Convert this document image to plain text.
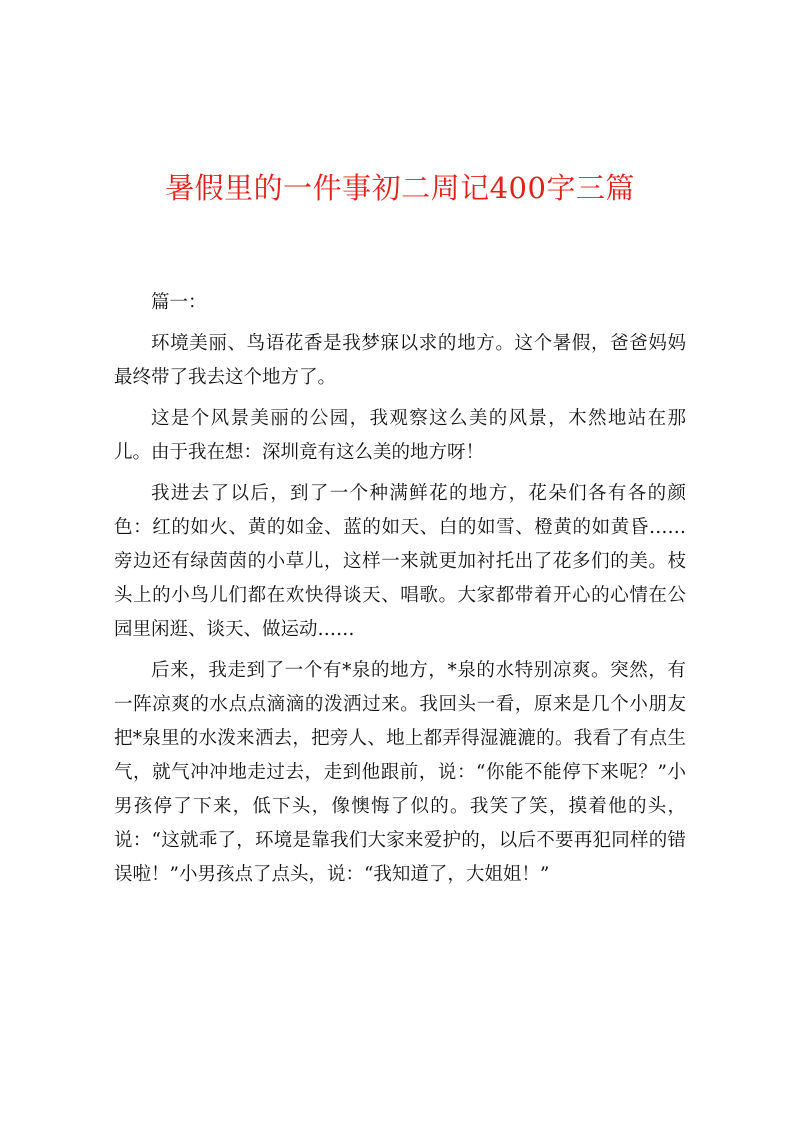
暑假里的一件事初二周记400字三篇

篇一：

环境美丽、鸟语花香是我梦寐以求的地方。这个暑假，爸爸妈妈最终带了我去这个地方了。

这是个风景美丽的公园，我观察这么美的风景，木然地站在那儿。由于我在想：深圳竟有这么美的地方呀！

我进去了以后，到了一个种满鲜花的地方，花朵们各有各的颜色：红的如火、黄的如金、蓝的如天、白的如雪、橙黄的如黄昏……旁边还有绿茵茵的小草儿，这样一来就更加衬托出了花多们的美。枝头上的小鸟儿们都在欢快得谈天、唱歌。大家都带着开心的心情在公园里闲逛、谈天、做运动……

后来，我走到了一个有*泉的地方，*泉的水特别凉爽。突然，有一阵凉爽的水点点滴滴的泼洒过来。我回头一看，原来是几个小朋友把*泉里的水泼来洒去，把旁人、地上都弄得湿漉漉的。我看了有点生气，就气冲冲地走过去，走到他跟前，说：“你能不能停下来呢？”小男孩停了下来，低下头，像懊悔了似的。我笑了笑，摸着他的头，说：“这就乖了，环境是靠我们大家来爱护的，以后不要再犯同样的错误啦！”小男孩点了点头，说：“我知道了，大姐姐！”
